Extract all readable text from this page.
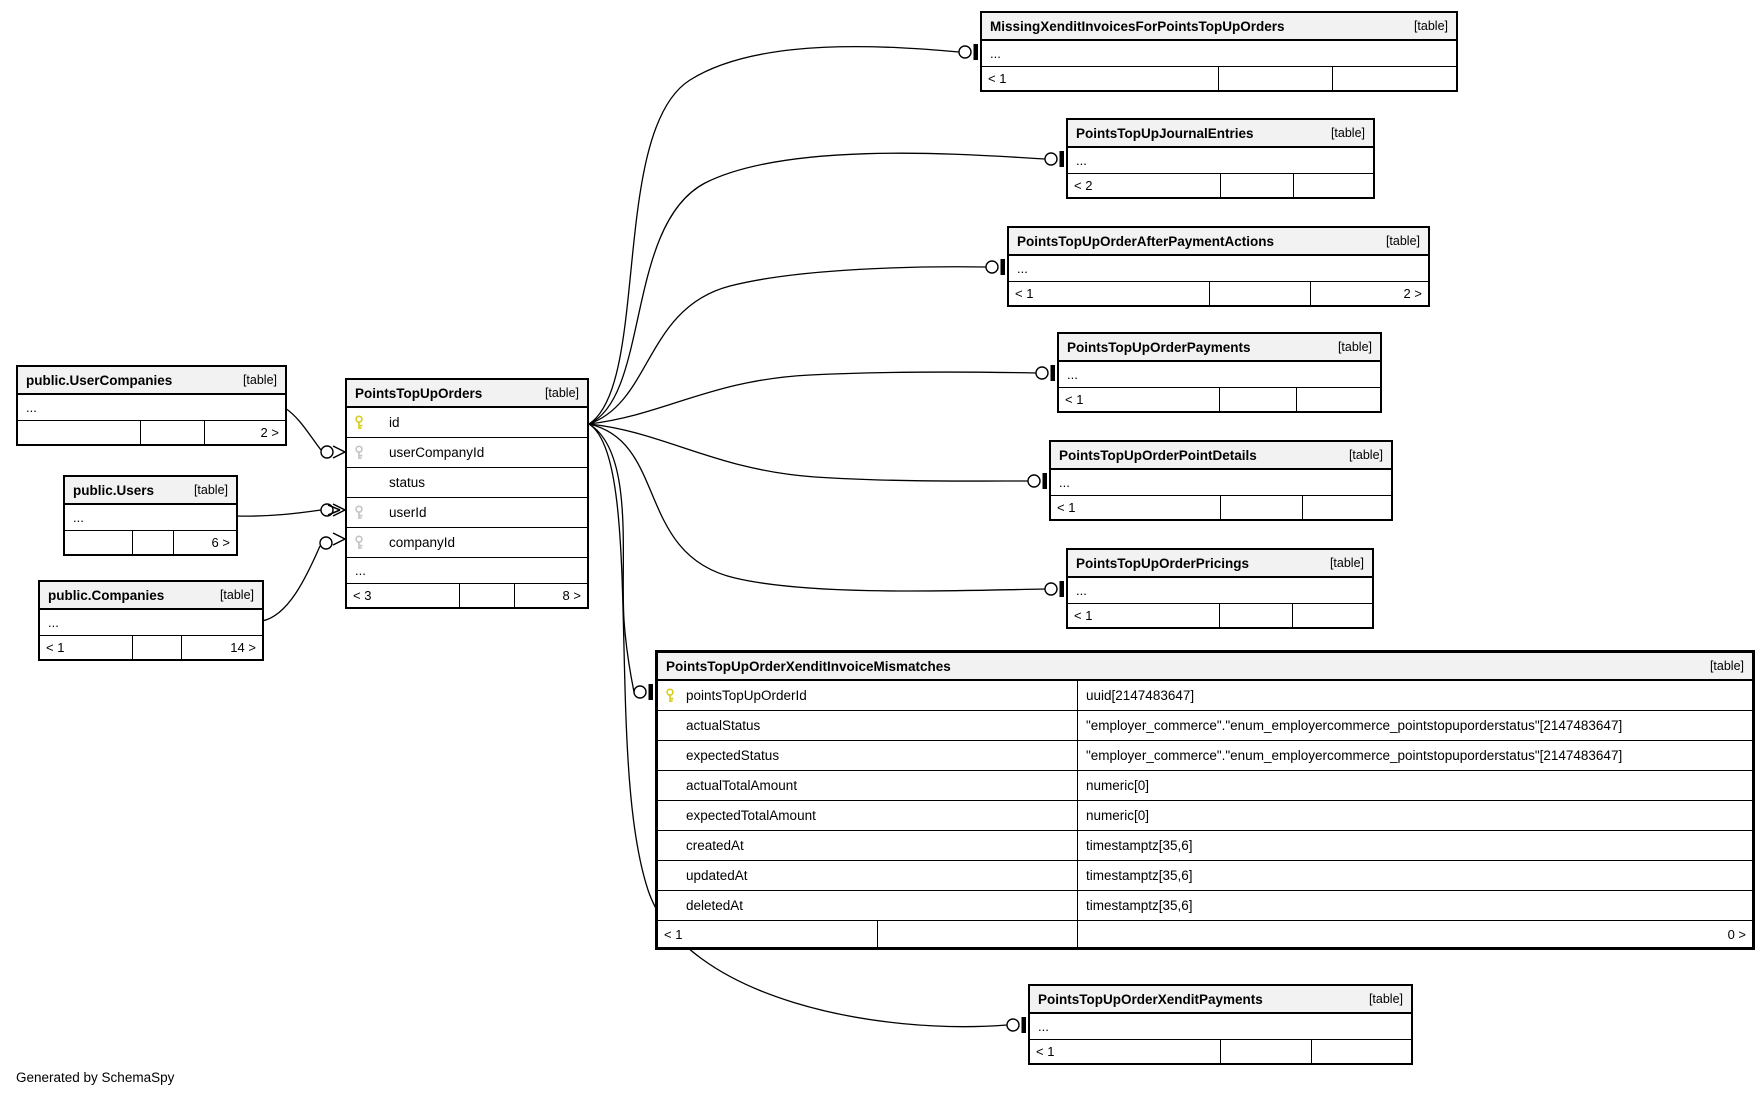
MissingXenditInvoicesForPointsTopUpOrders	[table]
...
< 1
PointsTopUpJournalEntries	[table]
...
< 2
PointsTopUpOrderAfterPaymentActions	[table]
...
< 1	2 >
PointsTopUpOrderPayments	[table]
...
< 1
PointsTopUpOrderPointDetails	[table]
...
< 1
PointsTopUpOrderPricings	[table]
...
< 1
PointsTopUpOrderXenditPayments	[table]
...
< 1
public.UserCompanies	[table]
...
2 >
public.Users	[table]
...
6 >
public.Companies	[table]
...
< 1	14 >
PointsTopUpOrders	[table]
id
userCompanyId
status
userId
companyId
...
< 3	8 >
PointsTopUpOrderXenditInvoiceMismatches	[table]
pointsTopUpOrderId	uuid[2147483647]
actualStatus	"employer_commerce"."enum_employercommerce_pointstopuporderstatus"[2147483647]
expectedStatus	"employer_commerce"."enum_employercommerce_pointstopuporderstatus"[2147483647]
actualTotalAmount	numeric[0]
expectedTotalAmount	numeric[0]
createdAt	timestamptz[35,6]
updatedAt	timestamptz[35,6]
deletedAt	timestamptz[35,6]
< 1	0 >
Generated by SchemaSpy
